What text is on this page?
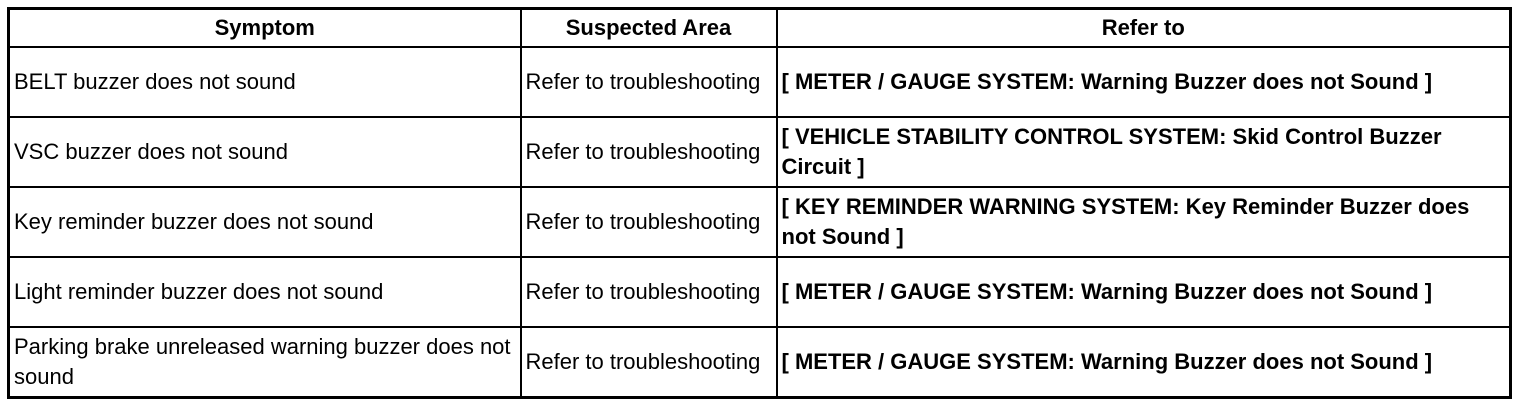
Symptom	Suspected Area	Refer to
BELT buzzer does not sound	Refer to troubleshooting	[ METER / GAUGE SYSTEM: Warning Buzzer does not Sound ]
VSC buzzer does not sound	Refer to troubleshooting	[ VEHICLE STABILITY CONTROL SYSTEM: Skid Control Buzzer Circuit ]
Key reminder buzzer does not sound	Refer to troubleshooting	[ KEY REMINDER WARNING SYSTEM: Key Reminder Buzzer does not Sound ]
Light reminder buzzer does not sound	Refer to troubleshooting	[ METER / GAUGE SYSTEM: Warning Buzzer does not Sound ]
Parking brake unreleased warning buzzer does not sound	Refer to troubleshooting	[ METER / GAUGE SYSTEM: Warning Buzzer does not Sound ]
